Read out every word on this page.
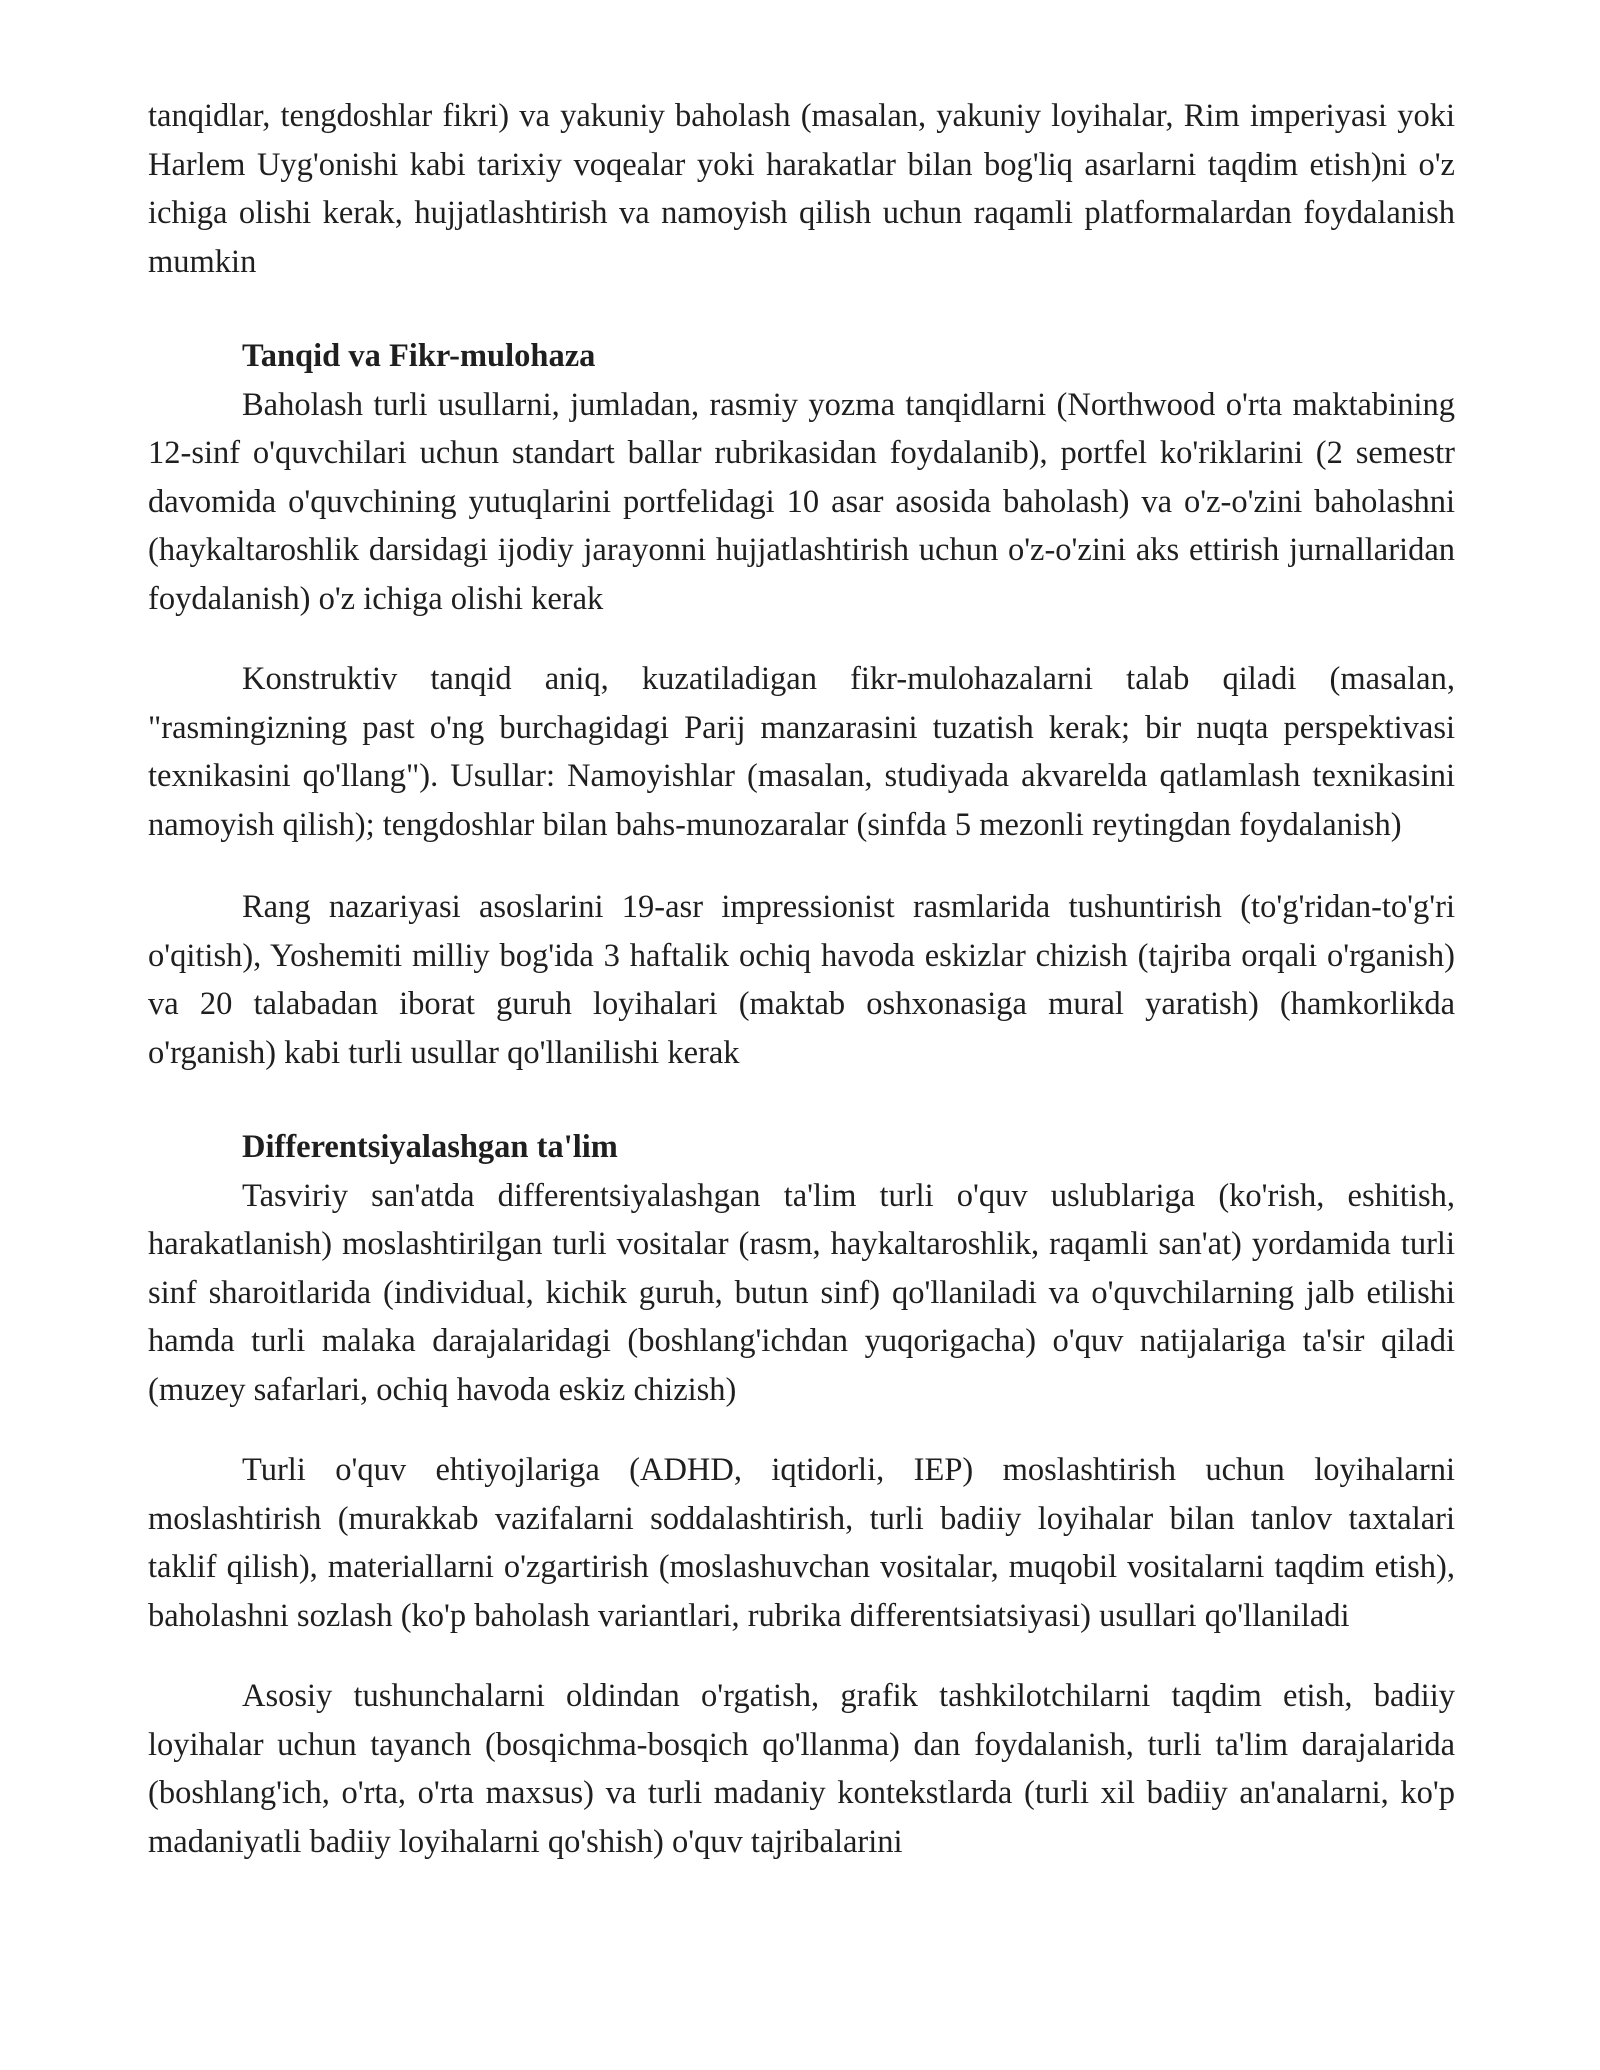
tanqidlar, tengdoshlar fikri) va yakuniy baholash (masalan, yakuniy loyihalar, Rim imperiyasi yoki Harlem Uyg'onishi kabi tarixiy voqealar yoki harakatlar bilan bog'liq asarlarni taqdim etish)ni o'z ichiga olishi kerak, hujjatlashtirish va namoyish qilish uchun raqamli platformalardan foydalanish mumkin

Tanqid va Fikr-mulohaza

Baholash turli usullarni, jumladan, rasmiy yozma tanqidlarni (Northwood o'rta maktabining 12-sinf o'quvchilari uchun standart ballar rubrikasidan foydalanib), portfel ko'riklarini (2 semestr davomida o'quvchining yutuqlarini portfelidagi 10 asar asosida baholash) va o'z-o'zini baholashni (haykaltaroshlik darsidagi ijodiy jarayonni hujjatlashtirish uchun o'z-o'zini aks ettirish jurnallaridan foydalanish) o'z ichiga olishi kerak

Konstruktiv tanqid aniq, kuzatiladigan fikr-mulohazalarni talab qiladi (masalan, "rasmingizning past o'ng burchagidagi Parij manzarasini tuzatish kerak; bir nuqta perspektivasi texnikasini qo'llang"). Usullar: Namoyishlar (masalan, studiyada akvarelda qatlamlash texnikasini namoyish qilish); tengdoshlar bilan bahs-munozaralar (sinfda 5 mezonli reytingdan foydalanish)

Rang nazariyasi asoslarini 19-asr impressionist rasmlarida tushuntirish (to'g'ridan-to'g'ri o'qitish), Yoshemiti milliy bog'ida 3 haftalik ochiq havoda eskizlar chizish (tajriba orqali o'rganish) va 20 talabadan iborat guruh loyihalari (maktab oshxonasiga mural yaratish) (hamkorlikda o'rganish) kabi turli usullar qo'llanilishi kerak

Differentsiyalashgan ta'lim

Tasviriy san'atda differentsiyalashgan ta'lim turli o'quv uslublariga (ko'rish, eshitish, harakatlanish) moslashtirilgan turli vositalar (rasm, haykaltaroshlik, raqamli san'at) yordamida turli sinf sharoitlarida (individual, kichik guruh, butun sinf) qo'llaniladi va o'quvchilarning jalb etilishi hamda turli malaka darajalaridagi (boshlang'ichdan yuqorigacha) o'quv natijalariga ta'sir qiladi (muzey safarlari, ochiq havoda eskiz chizish)

Turli o'quv ehtiyojlariga (ADHD, iqtidorli, IEP) moslashtirish uchun loyihalarni moslashtirish (murakkab vazifalarni soddalashtirish, turli badiiy loyihalar bilan tanlov taxtalari taklif qilish), materiallarni o'zgartirish (moslashuvchan vositalar, muqobil vositalarni taqdim etish), baholashni sozlash (ko'p baholash variantlari, rubrika differentsiatsiyasi) usullari qo'llaniladi

Asosiy tushunchalarni oldindan o'rgatish, grafik tashkilotchilarni taqdim etish, badiiy loyihalar uchun tayanch (bosqichma-bosqich qo'llanma) dan foydalanish, turli ta'lim darajalarida (boshlang'ich, o'rta, o'rta maxsus) va turli madaniy kontekstlarda (turli xil badiiy an'analarni, ko'p madaniyatli badiiy loyihalarni qo'shish) o'quv tajribalarini
